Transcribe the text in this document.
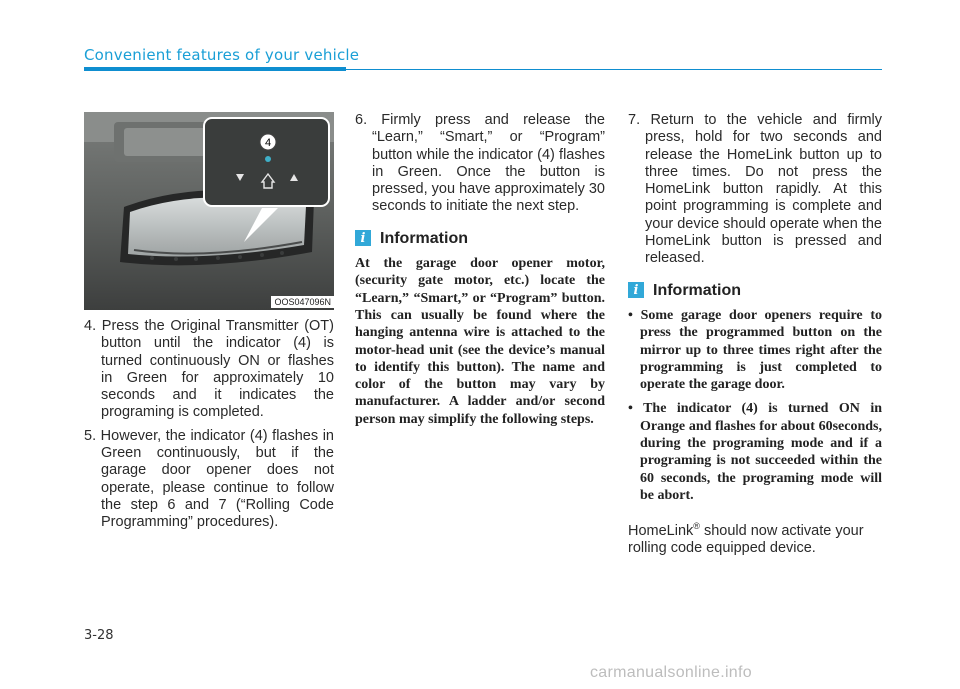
Convenient features of your vehicle
4
OOS047096N

4. Press the Original Transmitter (OT) button until the indicator (4) is turned continuously ON or flashes in Green for approximately 10 seconds and it indicates the programing is completed.

5. However, the indicator (4) flashes in Green continuously, but if the garage door opener does not operate, please continue to follow the step 6 and 7 (“Rolling Code Programming” procedures).

6. Firmly press and release the “Learn,” “Smart,” or “Program” button while the indicator (4) flashes in Green. Once the button is pressed, you have approximately 30 seconds to initiate the next step.

i Information

At the garage door opener motor, (security gate motor, etc.) locate the “Learn,” “Smart,” or “Program” button. This can usually be found where the hanging antenna wire is attached to the motor-head unit (see the device’s manual to identify this button). The name and color of the button may vary by manufacturer. A ladder and/or second person may simplify the following steps.

7. Return to the vehicle and firmly press, hold for two seconds and release the HomeLink button up to three times. Do not press the HomeLink button rapidly. At this point programming is complete and your device should operate when the HomeLink button is pressed and released.

i Information

• Some garage door openers require to press the programmed button on the mirror up to three times right after the programming is just completed to operate the garage door.

• The indicator (4) is turned ON in Orange and flashes for about 60seconds, during the programing mode and if a programing is not succeeded within the 60 seconds, the programing mode will be abort.

HomeLink® should now activate your rolling code equipped device.

3-28
carmanualsonline.info
